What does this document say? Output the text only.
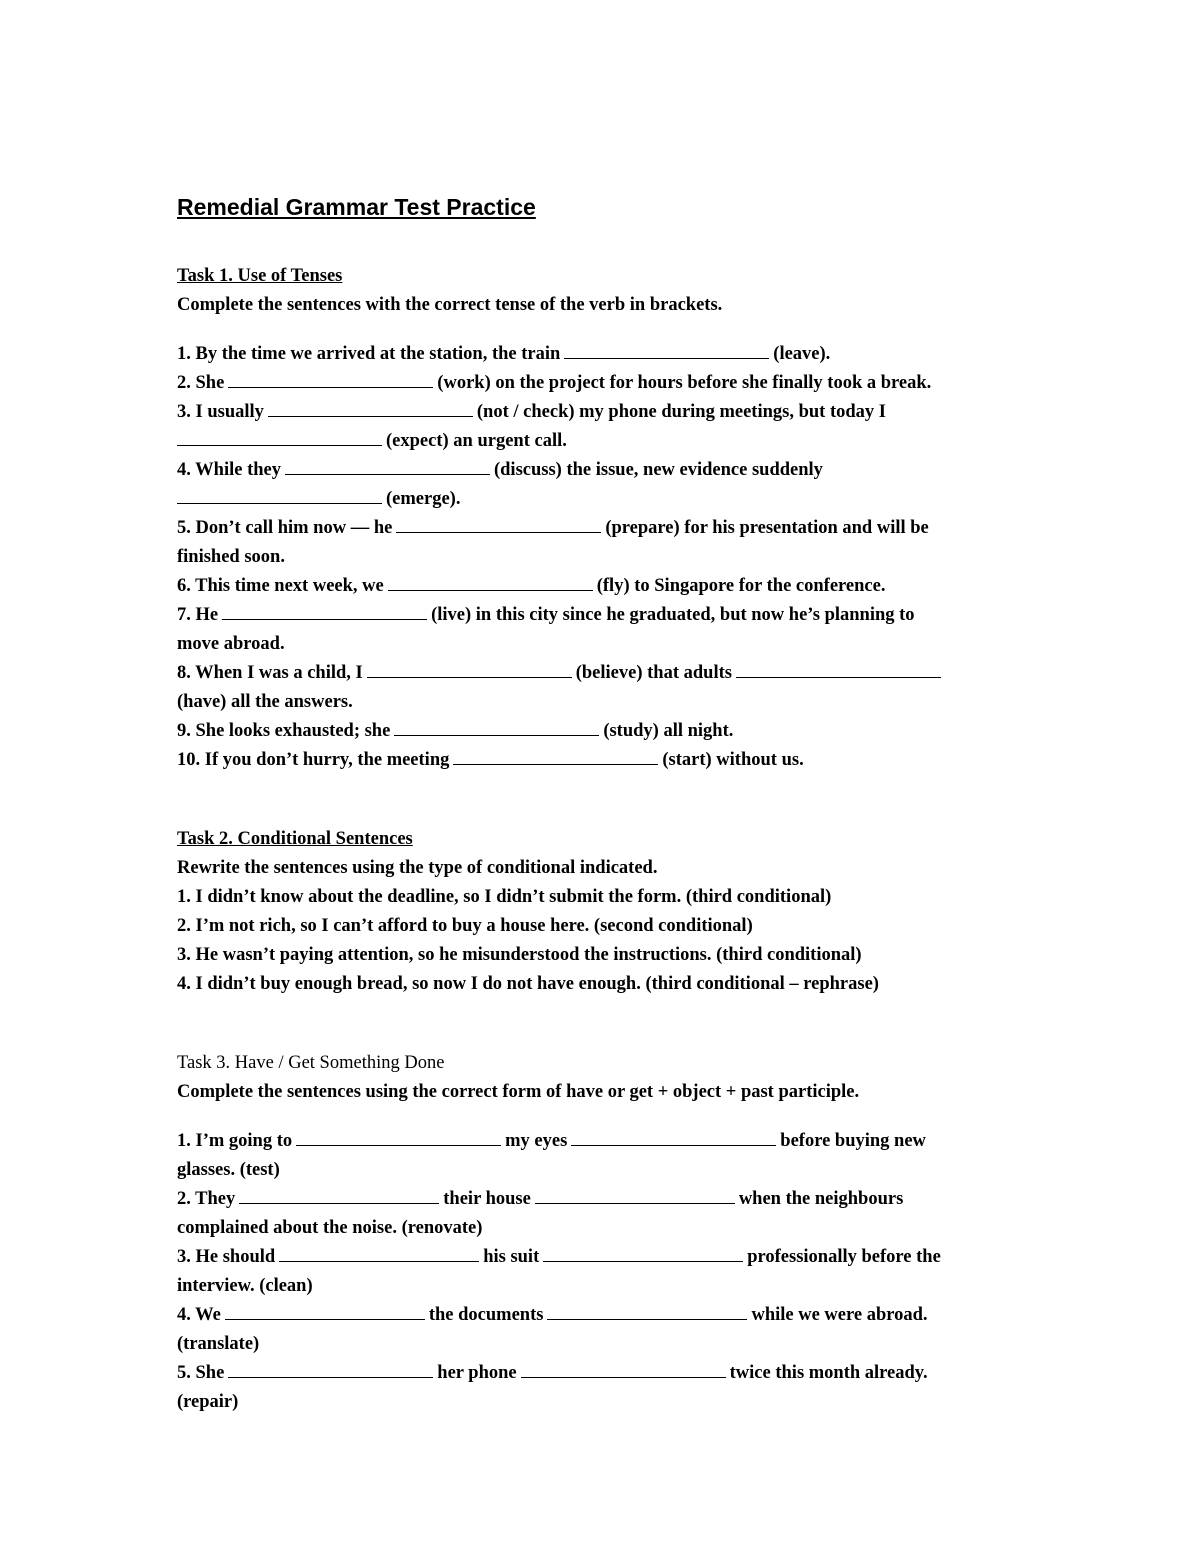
Remedial Grammar Test Practice
Task 1. Use of Tenses
Complete the sentences with the correct tense of the verb in brackets.
1. By the time we arrived at the station, the train	(leave).
2. She	(work) on the project for hours before she finally took a break.
3. I usually	(not / check) my phone during meetings, but today I
(expect) an urgent call.
4. While they	(discuss) the issue, new evidence suddenly
(emerge).
5. Don’t call him now — he	(prepare) for his presentation and will be
finished soon.
6. This time next week, we	(fly) to Singapore for the conference.
7. He	(live) in this city since he graduated, but now he’s planning to
move abroad.
8. When I was a child, I	(believe) that adults
(have) all the answers.
9. She looks exhausted; she	(study) all night.
10. If you don’t hurry, the meeting	(start) without us.
Task 2. Conditional Sentences
Rewrite the sentences using the type of conditional indicated.
1. I didn’t know about the deadline, so I didn’t submit the form. (third conditional)
2. I’m not rich, so I can’t afford to buy a house here. (second conditional)
3. He wasn’t paying attention, so he misunderstood the instructions. (third conditional)
4. I didn’t buy enough bread, so now I do not have enough. (third conditional – rephrase)
Task 3. Have / Get Something Done
Complete the sentences using the correct form of have or get + object + past participle.
1. I’m going to	my eyes	before buying new
glasses. (test)
2. They	their house	when the neighbours
complained about the noise. (renovate)
3. He should	his suit	professionally before the
interview. (clean)
4. We	the documents	while we were abroad.
(translate)
5. She	her phone	twice this month already.
(repair)
